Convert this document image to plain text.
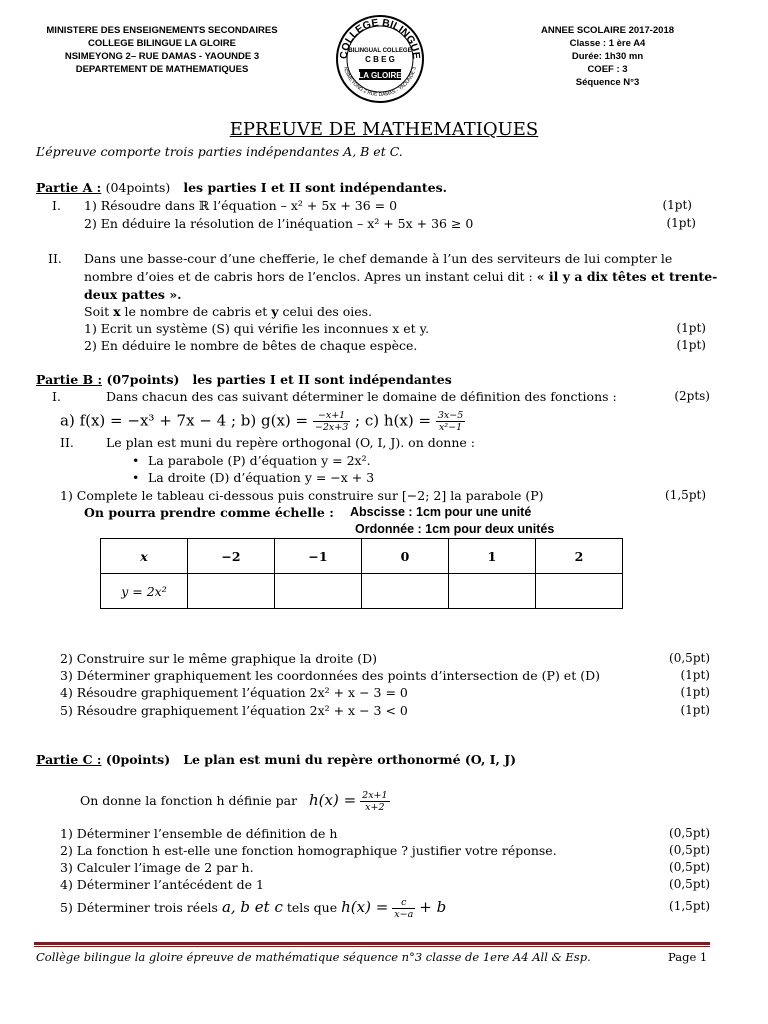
MINISTERE DES ENSEIGNEMENTS SECONDAIRES
COLLEGE BILINGUE LA GLOIRE
NSIMEYONG 2– RUE DAMAS - YAOUNDE 3
DEPARTEMENT DE MATHEMATIQUES
COLLEGE BILINGUE
NSIMEYONG 2 RUE DAMAS - YAOUNDE 3
BILINGUAL COLLEGE
C B E G
LA GLOIRE
ANNEE SCOLAIRE 2017-2018
Classe : 1 ère A4
Durée: 1h30 mn
COEF : 3
Séquence N°3
EPREUVE DE MATHEMATIQUES
L’épreuve comporte trois parties indépendantes A, B et C.
Partie A : (04points) les parties I et II sont indépendantes.
I. 1) Résoudre dans ℝ l’équation – x² + 5x + 36 = 0	(1pt)
2) En déduire la résolution de l’inéquation – x² + 5x + 36 ≥ 0	(1pt)
II. Dans une basse-cour d’une chefferie, le chef demande à l’un des serviteurs de lui compter le
nombre d’oies et de cabris hors de l’enclos. Apres un instant celui dit : « il y a dix têtes et trente-
deux pattes ».
Soit x le nombre de cabris et y celui des oies.
1) Ecrit un système (S) qui vérifie les inconnues x et y.	(1pt)
2) En déduire le nombre de bêtes de chaque espèce.	(1pt)
Partie B : (07points) les parties I et II sont indépendantes
I.	Dans chacun des cas suivant déterminer le domaine de définition des fonctions :	(2pts)
a) f(x) = −x³ + 7x − 4 ; b) $g(x) = \frac{-x+1}{-2x+3}$ ; c) $h(x) = \frac{3x-5}{\text{x²−1}}$
II.	Le plan est muni du repère orthogonal (O, I, J). on donne :
• La parabole (P) d’équation y = 2x².
• La droite (D) d’équation y = −x + 3
1) Complete le tableau ci-dessous puis construire sur [−2; 2] la parabole (P)	(1,5pt)
On pourra prendre comme échelle : Abscisse : 1cm pour une unité
Ordonnée : 1cm pour deux unités
x	−2	−1	0	1	2
y = 2x²					
2) Construire sur le même graphique la droite (D)	(0,5pt)
3) Déterminer graphiquement les coordonnées des points d’intersection de (P) et (D)	(1pt)
4) Résoudre graphiquement l’équation 2x² + x − 3 = 0	(1pt)
5) Résoudre graphiquement l’équation 2x² + x − 3 < 0	(1pt)
Partie C : (0points) Le plan est muni du repère orthonormé (O, I, J)
On donne la fonction h définie par $h(x) = \frac{2x+1}{x+2}$
1) Déterminer l’ensemble de définition de h	(0,5pt)
2) La fonction h est-elle une fonction homographique ? justifier votre réponse.	(0,5pt)
3) Calculer l’image de 2 par h.	(0,5pt)
4) Déterminer l’antécédent de 1	(0,5pt)
5) Déterminer trois réels a, b et c tels que $h(x) = \frac{c}{x-a} + b$	(1,5pt)
Collège bilingue la gloire épreuve de mathématique séquence n°3 classe de 1ere A4 All & Esp.	Page 1
